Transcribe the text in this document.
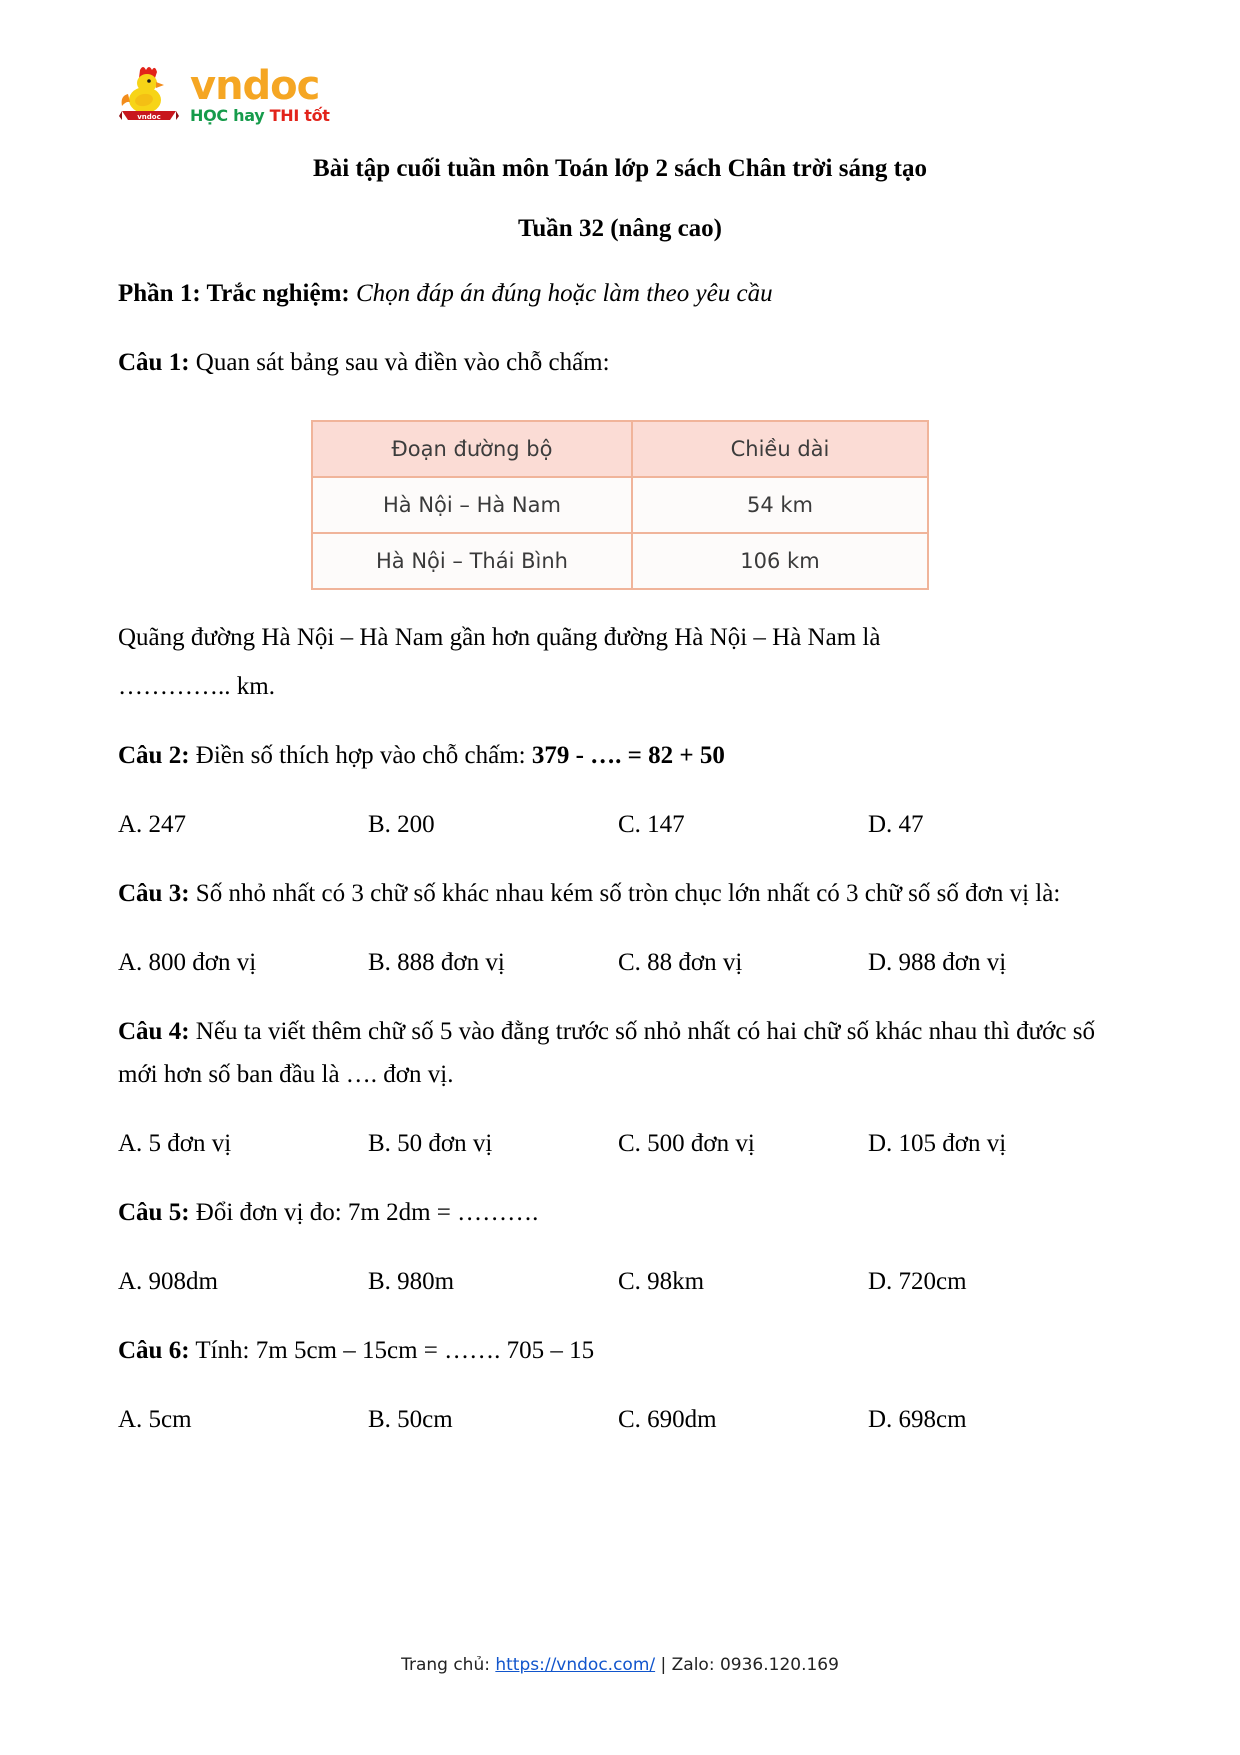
vndoc
vndoc
HỌC hay THI tốt
Bài tập cuối tuần môn Toán lớp 2 sách Chân trời sáng tạo
Tuần 32 (nâng cao)

Phần 1: Trắc nghiệm: Chọn đáp án đúng hoặc làm theo yêu cầu

Câu 1: Quan sát bảng sau và điền vào chỗ chấm:

Đoạn đường bộ	Chiều dài
Hà Nội – Hà Nam	54 km
Hà Nội – Thái Bình	106 km

Quãng đường Hà Nội – Hà Nam gần hơn quãng đường Hà Nội – Hà Nam là

………….. km.

Câu 2: Điền số thích hợp vào chỗ chấm: 379 - …. = 82 + 50

A. 247	B. 200	C. 147	D. 47

Câu 3: Số nhỏ nhất có 3 chữ số khác nhau kém số tròn chục lớn nhất có 3 chữ số số đơn vị là:

A. 800 đơn vị	B. 888 đơn vị	C. 88 đơn vị	D. 988 đơn vị

Câu 4: Nếu ta viết thêm chữ số 5 vào đằng trước số nhỏ nhất có hai chữ số khác nhau thì đước số mới hơn số ban đầu là …. đơn vị.

A. 5 đơn vị	B. 50 đơn vị	C. 500 đơn vị	D. 105 đơn vị

Câu 5: Đổi đơn vị đo: 7m 2dm = ……….

A. 908dm	B. 980m	C. 98km	D. 720cm

Câu 6: Tính: 7m 5cm – 15cm = ……. 705 – 15

A. 5cm	B. 50cm	C. 690dm	D. 698cm
Trang chủ: https://vndoc.com/ | Zalo: 0936.120.169
